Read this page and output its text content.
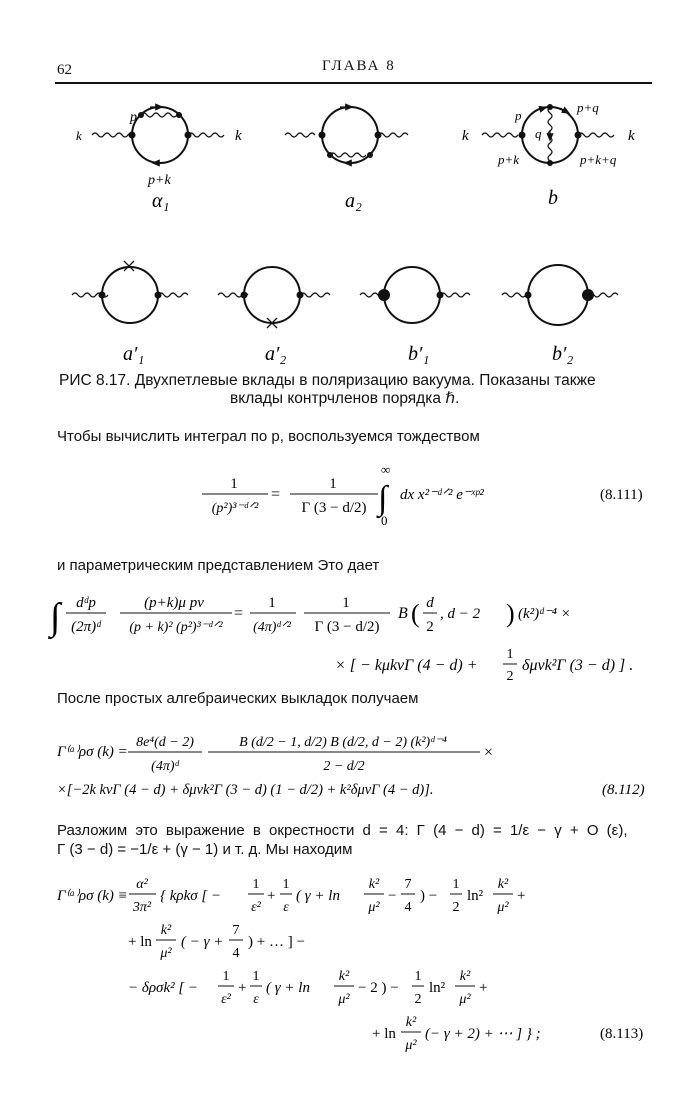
62	ГЛАВА 8
k	k
p
p+k
α₁	a₂
k	k
p
p+q
q
p+k	p+k+q
b
a′₁	a′₂	b′₁	b′₂
РИС 8.17. Двухпетлевые вклады в поляризацию вакуума. Показаны также
вклады контрчленов порядка ℏ.
Чтобы вычислить интеграл по p, воспользуемся тождеством
1
(p²)³⁻ᵈᐟ²
=
1
Γ (3 − d/2)
∞
∫
0
dx x²⁻ᵈᐟ² e⁻ˣᵖ²	(8.111)
и параметрическим представлением Это дает
∫ dᵈp
(2π)ᵈ
(p+k)μ pν
(p + k)² (p²)³⁻ᵈᐟ²
=
1
(4π)ᵈᐟ²
1
Γ (3 − d/2)
B ( d
2
, d − 2 ) (k²)ᵈ⁻⁴ ×
× [ − kμkνΓ (4 − d) +
1
2
δμνk²Γ (3 − d) ] .
После простых алгебраических выкладок получаем
Γ⁽ᵃ⁾ρσ (k) =
8e⁴(d − 2)
(4π)ᵈ
B (d/2 − 1, d/2) B (d/2, d − 2) (k²)ᵈ⁻⁴
2 − d/2
×
×[−2k kνΓ (4 − d) + δμνk²Γ (3 − d) (1 − d/2) + k²δμνΓ (4 − d)].	(8.112)
Разложим это выражение в окрестности d = 4: Γ (4 − d) = 1/ε − γ + O (ε),
Γ (3 − d) = −1/ε + (γ − 1) и т. д. Мы находим
Γ⁽ᵃ⁾ρσ (k) ≡
α²
3π²
{ kρkσ [ −
1
ε²
+
1
ε
( γ + ln
k²
μ²
−
7
4
) −
1
2
ln²
k²
μ²
+
+ ln
k²
μ²
( − γ +
7
4
) + … ] −
− δρσk² [ −
1
ε²
+
1
ε
( γ + ln
k²
μ²
− 2 ) −
1
2
ln²
k²
μ²
+
+ ln
k²
μ²
(− γ + 2) + ⋯ ] } ;	(8.113)
